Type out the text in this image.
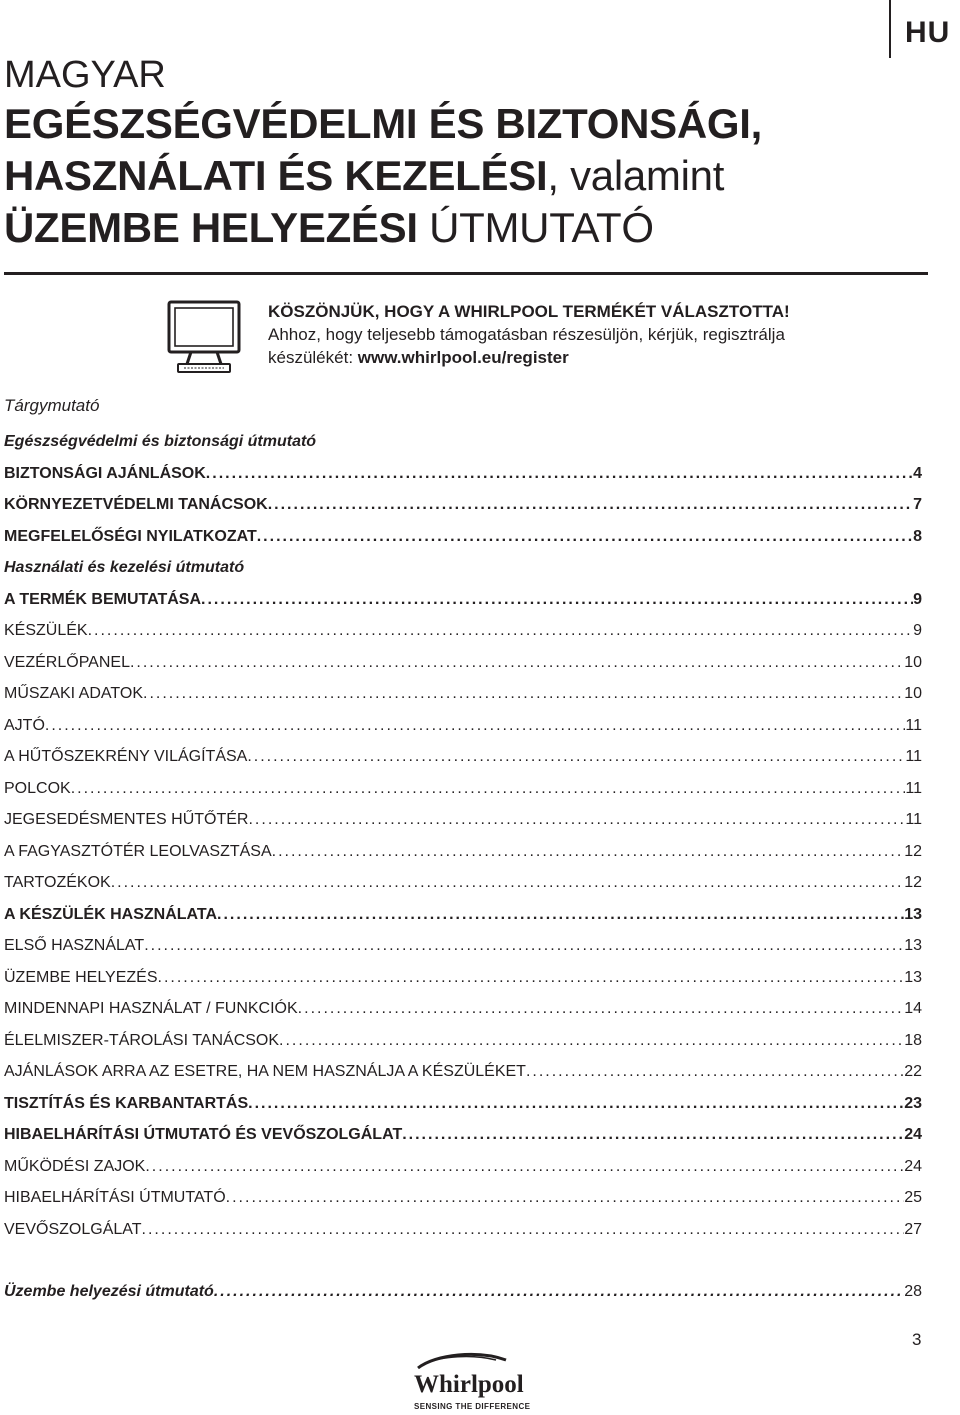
HU
MAGYAR
EGÉSZSÉGVÉDELMI ÉS BIZTONSÁGI,
HASZNÁLATI ÉS KEZELÉSI, valamint
ÜZEMBE HELYEZÉSI ÚTMUTATÓ
KÖSZÖNJÜK, HOGY A WHIRLPOOL TERMÉKÉT VÁLASZTOTTA!
Ahhoz, hogy teljesebb támogatásban részesüljön, kérjük, regisztrálja
készülékét: www.whirlpool.eu/register
Tárgymutató
Egészségvédelmi és biztonsági útmutató
BIZTONSÁGI AJÁNLÁSOK .....	4
KÖRNYEZETVÉDELMI TANÁCSOK .....	7
MEGFELELŐSÉGI NYILATKOZAT .....	8
Használati és kezelési útmutató
A TERMÉK BEMUTATÁSA .....	9
KÉSZÜLÉK .....	9
VEZÉRLŐPANEL .....	10
MŰSZAKI ADATOK .....	10
AJTÓ .....	11
A HŰTŐSZEKRÉNY VILÁGÍTÁSA .....	11
POLCOK .....	11
JEGESEDÉSMENTES HŰTŐTÉR .....	11
A FAGYASZTÓTÉR LEOLVASZTÁSA .....	12
TARTOZÉKOK .....	12
A KÉSZÜLÉK HASZNÁLATA .....	13
ELSŐ HASZNÁLAT .....	13
ÜZEMBE HELYEZÉS .....	13
MINDENNAPI HASZNÁLAT / FUNKCIÓK .....	14
ÉLELMISZER-TÁROLÁSI TANÁCSOK .....	18
AJÁNLÁSOK ARRA AZ ESETRE, HA NEM HASZNÁLJA A KÉSZÜLÉKET .....	22
TISZTÍTÁS ÉS KARBANTARTÁS .....	23
HIBAELHÁRÍTÁSI ÚTMUTATÓ ÉS VEVŐSZOLGÁLAT .....	24
MŰKÖDÉSI ZAJOK .....	24
HIBAELHÁRÍTÁSI ÚTMUTATÓ .....	25
VEVŐSZOLGÁLAT .....	27
Üzembe helyezési útmutató .....	28
3
Whirlpool
SENSING THE DIFFERENCE
